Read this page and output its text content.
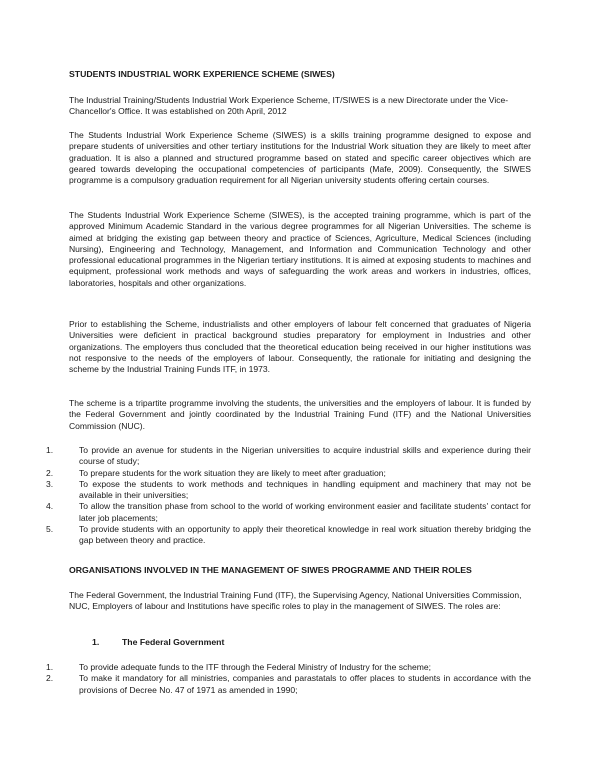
STUDENTS INDUSTRIAL WORK EXPERIENCE SCHEME (SIWES)

The Industrial Training/Students Industrial Work Experience Scheme, IT/SIWES is a new Directorate under the Vice-Chancellor's Office. It was established on 20th April, 2012

The Students Industrial Work Experience Scheme (SIWES) is a skills training programme designed to expose and prepare students of universities and other tertiary institutions for the Industrial Work situation they are likely to meet after graduation. It is also a planned and structured programme based on stated and specific career objectives which are geared towards developing the occupational competencies of participants (Mafe, 2009). Consequently, the SIWES programme is a compulsory graduation requirement for all Nigerian university students offering certain courses.

The Students Industrial Work Experience Scheme (SIWES), is the accepted training programme, which is part of the approved Minimum Academic Standard in the various degree programmes for all Nigerian Universities. The scheme is aimed at bridging the existing gap between theory and practice of Sciences, Agriculture, Medical Sciences (including Nursing), Engineering and Technology, Management, and Information and Communication Technology and other professional educational programmes in the Nigerian tertiary institutions. It is aimed at exposing students to machines and equipment, professional work methods and ways of safeguarding the work areas and workers in industries, offices, laboratories, hospitals and other organizations.

Prior to establishing the Scheme, industrialists and other employers of labour felt concerned that graduates of Nigeria Universities were deficient in practical background studies preparatory for employment in Industries and other organizations. The employers thus concluded that the theoretical education being received in our higher institutions was not responsive to the needs of the employers of labour. Consequently, the rationale for initiating and designing the scheme by the Industrial Training Funds ITF, in 1973.

The scheme is a tripartite programme involving the students, the universities and the employers of labour. It is funded by the Federal Government and jointly coordinated by the Industrial Training Fund (ITF) and the National Universities Commission (NUC).

1.	To provide an avenue for students in the Nigerian universities to acquire industrial skills and experience during their course of study;
2.	To prepare students for the work situation they are likely to meet after graduation;
3.	To expose the students to work methods and techniques in handling equipment and machinery that may not be available in their universities;
4.	To allow the transition phase from school to the world of working environment easier and facilitate students' contact for later job placements;
5.	To provide students with an opportunity to apply their theoretical knowledge in real work situation thereby bridging the gap between theory and practice.
ORGANISATIONS INVOLVED IN THE MANAGEMENT OF SIWES PROGRAMME AND THEIR ROLES

The Federal Government, the Industrial Training Fund (ITF), the Supervising Agency, National Universities Commission, NUC, Employers of labour and Institutions have specific roles to play in the management of SIWES. The roles are:

1.	The Federal Government
1.	To provide adequate funds to the ITF through the Federal Ministry of Industry for the scheme;
2.	To make it mandatory for all ministries, companies and parastatals to offer places to students in accordance with the provisions of Decree No. 47 of 1971 as amended in 1990;
